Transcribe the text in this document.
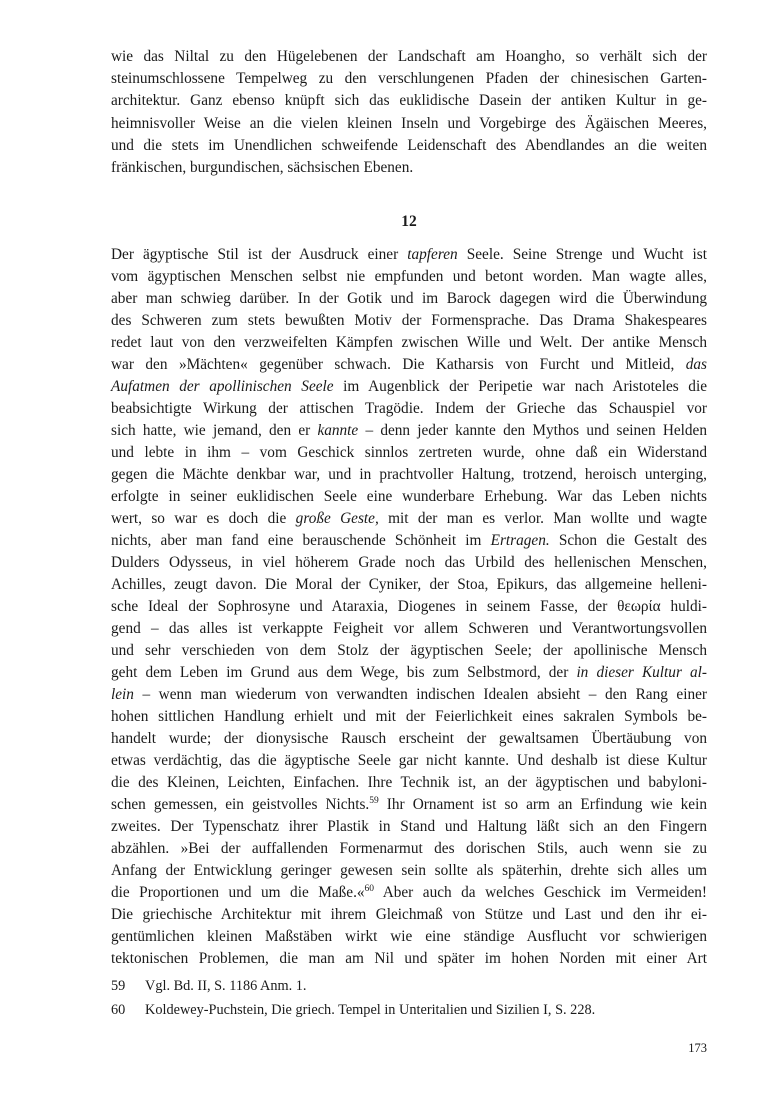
wie das Niltal zu den Hügelebenen der Landschaft am Hoangho, so verhält sich der
steinumschlossene Tempelweg zu den verschlungenen Pfaden der chinesischen Garten-
architektur. Ganz ebenso knüpft sich das euklidische Dasein der antiken Kultur in ge-
heimnisvoller Weise an die vielen kleinen Inseln und Vorgebirge des Ägäischen Meeres,
und die stets im Unendlichen schweifende Leidenschaft des Abendlandes an die weiten
fränkischen, burgundischen, sächsischen Ebenen.
12
Der ägyptische Stil ist der Ausdruck einer tapferen Seele. Seine Strenge und Wucht ist
vom ägyptischen Menschen selbst nie empfunden und betont worden. Man wagte alles,
aber man schwieg darüber. In der Gotik und im Barock dagegen wird die Überwindung
des Schweren zum stets bewußten Motiv der Formensprache. Das Drama Shakespeares
redet laut von den verzweifelten Kämpfen zwischen Wille und Welt. Der antike Mensch
war den »Mächten« gegenüber schwach. Die Katharsis von Furcht und Mitleid, das
Aufatmen der apollinischen Seele im Augenblick der Peripetie war nach Aristoteles die
beabsichtigte Wirkung der attischen Tragödie. Indem der Grieche das Schauspiel vor
sich hatte, wie jemand, den er kannte – denn jeder kannte den Mythos und seinen Helden
und lebte in ihm – vom Geschick sinnlos zertreten wurde, ohne daß ein Widerstand
gegen die Mächte denkbar war, und in prachtvoller Haltung, trotzend, heroisch unterging,
erfolgte in seiner euklidischen Seele eine wunderbare Erhebung. War das Leben nichts
wert, so war es doch die große Geste, mit der man es verlor. Man wollte und wagte
nichts, aber man fand eine berauschende Schönheit im Ertragen. Schon die Gestalt des
Dulders Odysseus, in viel höherem Grade noch das Urbild des hellenischen Menschen,
Achilles, zeugt davon. Die Moral der Cyniker, der Stoa, Epikurs, das allgemeine helleni-
sche Ideal der Sophrosyne und Ataraxia, Diogenes in seinem Fasse, der θεωρία huldi-
gend – das alles ist verkappte Feigheit vor allem Schweren und Verantwortungsvollen
und sehr verschieden von dem Stolz der ägyptischen Seele; der apollinische Mensch
geht dem Leben im Grund aus dem Wege, bis zum Selbstmord, der in dieser Kultur al-
lein – wenn man wiederum von verwandten indischen Idealen absieht – den Rang einer
hohen sittlichen Handlung erhielt und mit der Feierlichkeit eines sakralen Symbols be-
handelt wurde; der dionysische Rausch erscheint der gewaltsamen Übertäubung von
etwas verdächtig, das die ägyptische Seele gar nicht kannte. Und deshalb ist diese Kultur
die des Kleinen, Leichten, Einfachen. Ihre Technik ist, an der ägyptischen und babyloni-
schen gemessen, ein geistvolles Nichts.$^{59}$ Ihr Ornament ist so arm an Erfindung wie kein
zweites. Der Typenschatz ihrer Plastik in Stand und Haltung läßt sich an den Fingern
abzählen. »Bei der auffallenden Formenarmut des dorischen Stils, auch wenn sie zu
Anfang der Entwicklung geringer gewesen sein sollte als späterhin, drehte sich alles um
die Proportionen und um die Maße.«$^{60}$ Aber auch da welches Geschick im Vermeiden!
Die griechische Architektur mit ihrem Gleichmaß von Stütze und Last und den ihr ei-
gentümlichen kleinen Maßstäben wirkt wie eine ständige Ausflucht vor schwierigen
tektonischen Problemen, die man am Nil und später im hohen Norden mit einer Art
59 Vgl. Bd. II, S. 1186 Anm. 1.
60 Koldewey-Puchstein, Die griech. Tempel in Unteritalien und Sizilien I, S. 228.
173
